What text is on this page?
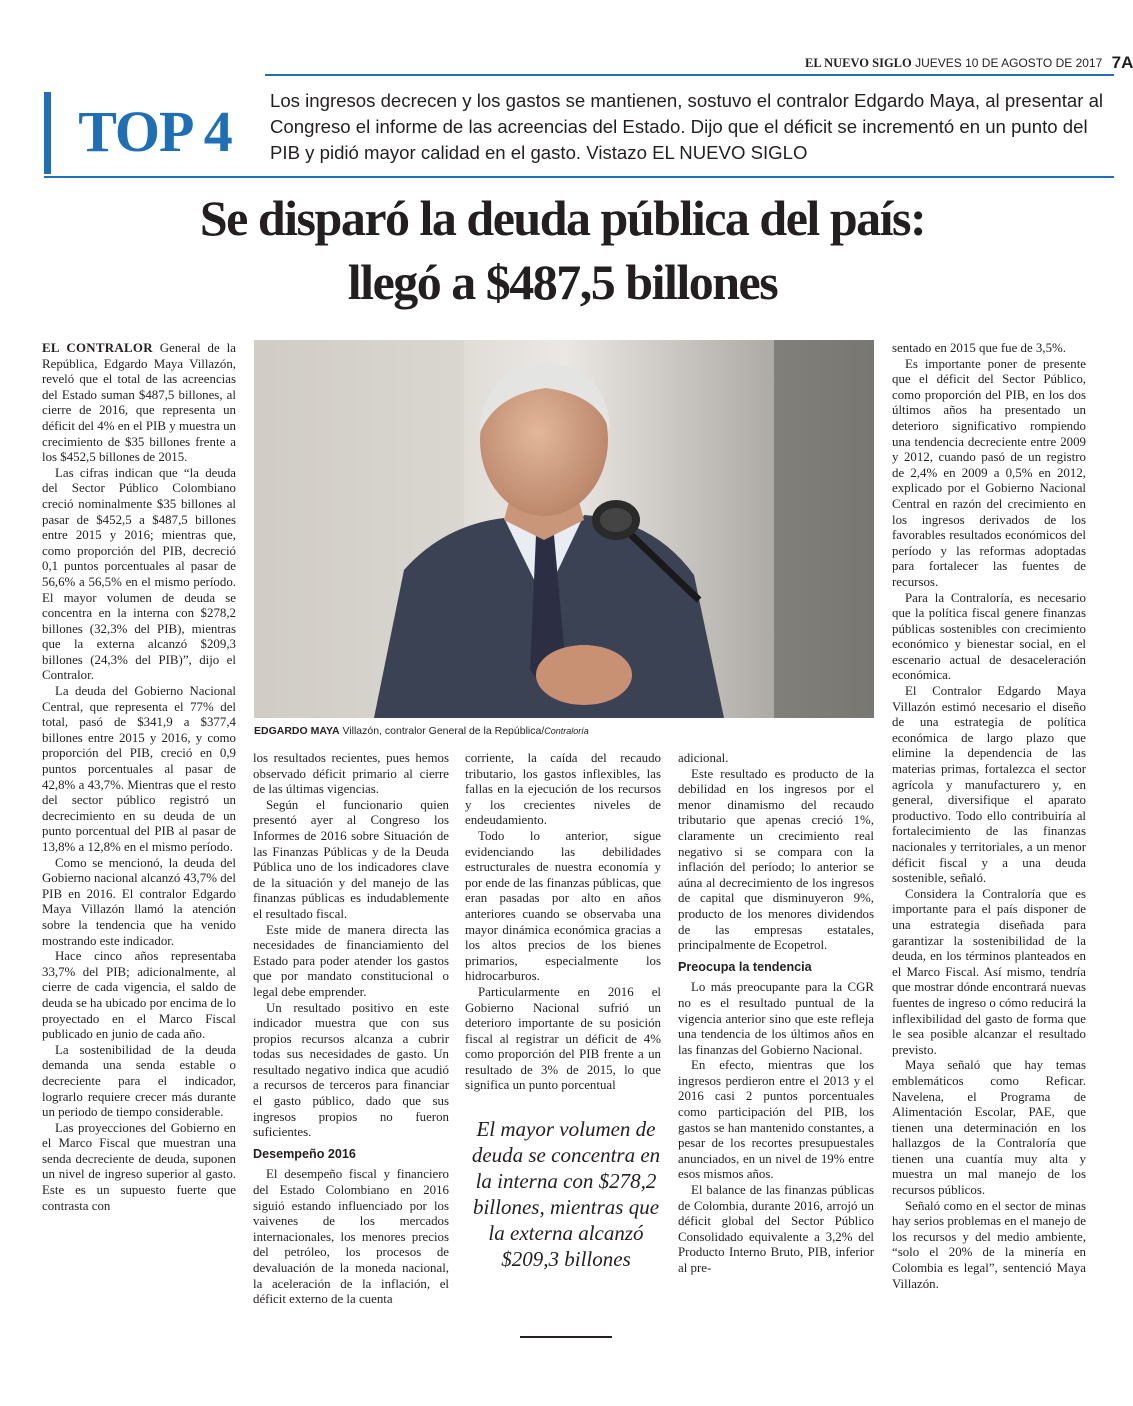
EL NUEVO SIGLO JUEVES 10 DE AGOSTO DE 2017 7A
TOP 4	Los ingresos decrecen y los gastos se mantienen, sostuvo el contralor Edgardo Maya, al presentar al Congreso el informe de las acreencias del Estado. Dijo que el déficit se incrementó en un punto del PIB y pidió mayor calidad en el gasto. Vistazo EL NUEVO SIGLO
Se disparó la deuda pública del país:
llegó a $487,5 billones

EL CONTRALOR General de la República, Edgardo Maya Villazón, reveló que el total de las acreencias del Estado suman $487,5 billones, al cierre de 2016, que representa un déficit del 4% en el PIB y muestra un crecimiento de $35 billones frente a los $452,5 billones de 2015.

Las cifras indican que “la deuda del Sector Público Colombiano creció nominalmente $35 billones al pasar de $452,5 a $487,5 billones entre 2015 y 2016; mientras que, como proporción del PIB, decreció 0,1 puntos porcentuales al pasar de 56,6% a 56,5% en el mismo período. El mayor volumen de deuda se concentra en la interna con $278,2 billones (32,3% del PIB), mientras que la externa alcanzó $209,3 billones (24,3% del PIB)”, dijo el Contralor.

La deuda del Gobierno Nacional Central, que representa el 77% del total, pasó de $341,9 a $377,4 billones entre 2015 y 2016, y como proporción del PIB, creció en 0,9 puntos porcentuales al pasar de 42,8% a 43,7%. Mientras que el resto del sector público registró un decrecimiento en su deuda de un punto porcentual del PIB al pasar de 13,8% a 12,8% en el mismo período.

Como se mencionó, la deuda del Gobierno nacional alcanzó 43,7% del PIB en 2016. El contralor Edgardo Maya Villazón llamó la atención sobre la tendencia que ha venido mostrando este indicador.

Hace cinco años representaba 33,7% del PIB; adicionalmente, al cierre de cada vigencia, el saldo de deuda se ha ubicado por encima de lo proyectado en el Marco Fiscal publicado en junio de cada año.

La sostenibilidad de la deuda demanda una senda estable o decreciente para el indicador, lograrlo requiere crecer más durante un periodo de tiempo considerable.

Las proyecciones del Gobierno en el Marco Fiscal que muestran una senda decreciente de deuda, suponen un nivel de ingreso superior al gasto. Este es un supuesto fuerte que contrasta con

EDGARDO MAYA Villazón, contralor General de la República/Contraloría

los resultados recientes, pues hemos observado déficit primario al cierre de las últimas vigencias.

Según el funcionario quien presentó ayer al Congreso los Informes de 2016 sobre Situación de las Finanzas Públicas y de la Deuda Pública uno de los indicadores clave de la situación y del manejo de las finanzas públicas es indudablemente el resultado fiscal.

Este mide de manera directa las necesidades de financiamiento del Estado para poder atender los gastos que por mandato constitucional o legal debe emprender.

Un resultado positivo en este indicador muestra que con sus propios recursos alcanza a cubrir todas sus necesidades de gasto. Un resultado negativo indica que acudió a recursos de terceros para financiar el gasto público, dado que sus ingresos propios no fueron suficientes.

Desempeño 2016

El desempeño fiscal y financiero del Estado Colombiano en 2016 siguió estando influenciado por los vaivenes de los mercados internacionales, los menores precios del petróleo, los procesos de devaluación de la moneda nacional, la aceleración de la inflación, el déficit externo de la cuenta

corriente, la caída del recaudo tributario, los gastos inflexibles, las fallas en la ejecución de los recursos y los crecientes niveles de endeudamiento.

Todo lo anterior, sigue evidenciando las debilidades estructurales de nuestra economía y por ende de las finanzas públicas, que eran pasadas por alto en años anteriores cuando se observaba una mayor dinámica económica gracias a los altos precios de los bienes primarios, especialmente los hidrocarburos.

Particularmente en 2016 el Gobierno Nacional sufrió un deterioro importante de su posición fiscal al registrar un déficit de 4% como proporción del PIB frente a un resultado de 3% de 2015, lo que significa un punto porcentual

El mayor volumen de deuda se concentra en la interna con $278,2 billones, mientras que la externa alcanzó $209,3 billones

adicional.

Este resultado es producto de la debilidad en los ingresos por el menor dinamismo del recaudo tributario que apenas creció 1%, claramente un crecimiento real negativo si se compara con la inflación del período; lo anterior se aúna al decrecimiento de los ingresos de capital que disminuyeron 9%, producto de los menores dividendos de las empresas estatales, principalmente de Ecopetrol.

Preocupa la tendencia

Lo más preocupante para la CGR no es el resultado puntual de la vigencia anterior sino que este refleja una tendencia de los últimos años en las finanzas del Gobierno Nacional.

En efecto, mientras que los ingresos perdieron entre el 2013 y el 2016 casi 2 puntos porcentuales como participación del PIB, los gastos se han mantenido constantes, a pesar de los recortes presupuestales anunciados, en un nivel de 19% entre esos mismos años.

El balance de las finanzas públicas de Colombia, durante 2016, arrojó un déficit global del Sector Público Consolidado equivalente a 3,2% del Producto Interno Bruto, PIB, inferior al pre-

sentado en 2015 que fue de 3,5%.

Es importante poner de presente que el déficit del Sector Público, como proporción del PIB, en los dos últimos años ha presentado un deterioro significativo rompiendo una tendencia decreciente entre 2009 y 2012, cuando pasó de un registro de 2,4% en 2009 a 0,5% en 2012, explicado por el Gobierno Nacional Central en razón del crecimiento en los ingresos derivados de los favorables resultados económicos del período y las reformas adoptadas para fortalecer las fuentes de recursos.

Para la Contraloría, es necesario que la política fiscal genere finanzas públicas sostenibles con crecimiento económico y bienestar social, en el escenario actual de desaceleración económica.

El Contralor Edgardo Maya Villazón estimó necesario el diseño de una estrategia de política económica de largo plazo que elimine la dependencia de las materias primas, fortalezca el sector agrícola y manufacturero y, en general, diversifique el aparato productivo. Todo ello contribuiría al fortalecimiento de las finanzas nacionales y territoriales, a un menor déficit fiscal y a una deuda sostenible, señaló.

Considera la Contraloría que es importante para el país disponer de una estrategia diseñada para garantizar la sostenibilidad de la deuda, en los términos planteados en el Marco Fiscal. Así mismo, tendría que mostrar dónde encontrará nuevas fuentes de ingreso o cómo reducirá la inflexibilidad del gasto de forma que le sea posible alcanzar el resultado previsto.

Maya señaló que hay temas emblemáticos como Reficar. Navelena, el Programa de Alimentación Escolar, PAE, que tienen una determinación en los hallazgos de la Contraloría que tienen una cuantía muy alta y muestra un mal manejo de los recursos públicos.

Señaló como en el sector de minas hay serios problemas en el manejo de los recursos y del medio ambiente, “solo el 20% de la minería en Colombia es legal”, sentenció Maya Villazón.
